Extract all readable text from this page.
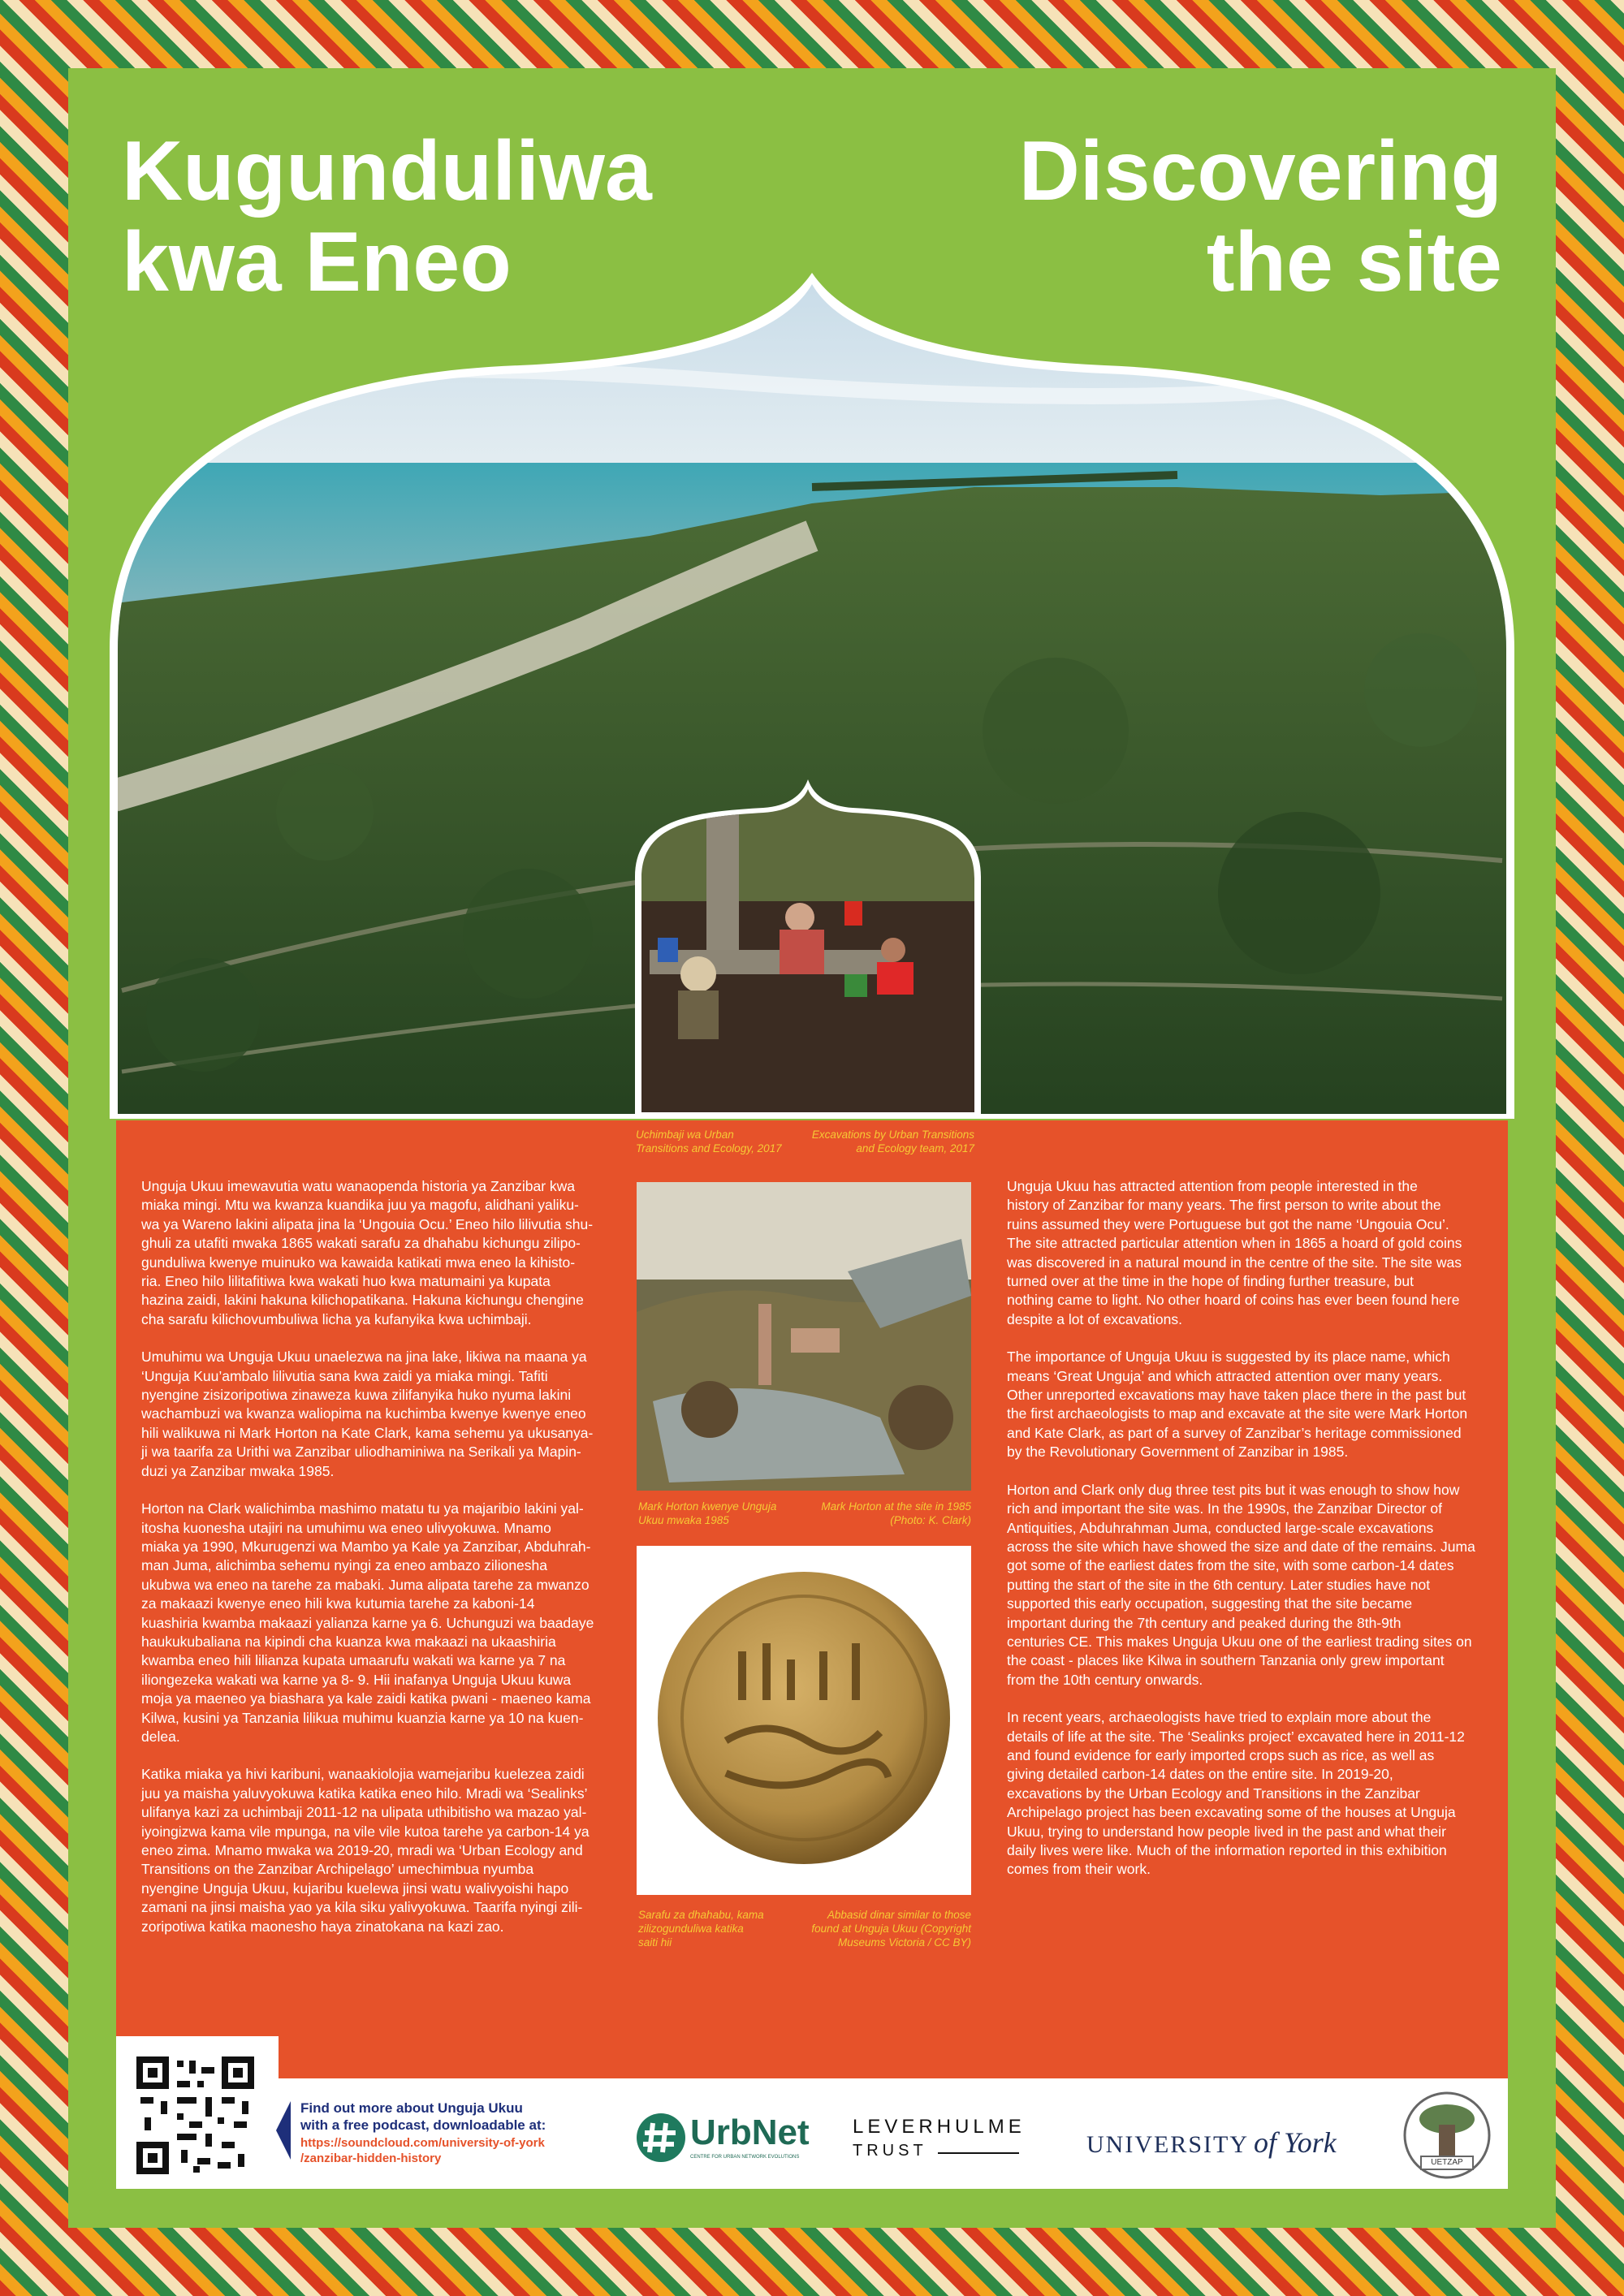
Kugunduliwa
kwa Eneo
Discovering
the site
Uchimbaji wa Urban
Transitions and Ecology, 2017
Excavations by Urban Transitions
and Ecology team, 2017

Unguja Ukuu imewavutia watu wanaopenda historia ya Zanzibar kwa
miaka mingi. Mtu wa kwanza kuandika juu ya magofu, alidhani yaliku-
wa ya Wareno lakini alipata jina la ‘Ungouia Ocu.’ Eneo hilo lilivutia shu-
ghuli za utafiti mwaka 1865 wakati sarafu za dhahabu kichungu zilipo-
gunduliwa kwenye muinuko wa kawaida katikati mwa eneo la kihisto-
ria. Eneo hilo lilitafitiwa kwa wakati huo kwa matumaini ya kupata
hazina zaidi, lakini hakuna kilichopatikana. Hakuna kichungu chengine
cha sarafu kilichovumbuliwa licha ya kufanyika kwa uchimbaji.

Umuhimu wa Unguja Ukuu unaelezwa na jina lake, likiwa na maana ya
‘Unguja Kuu’ambalo lilivutia sana kwa zaidi ya miaka mingi. Tafiti
nyengine zisizoripotiwa zinaweza kuwa zilifanyika huko nyuma lakini
wachambuzi wa kwanza waliopima na kuchimba kwenye kwenye eneo
hili walikuwa ni Mark Horton na Kate Clark, kama sehemu ya ukusanya-
ji wa taarifa za Urithi wa Zanzibar uliodhaminiwa na Serikali ya Mapin-
duzi ya Zanzibar mwaka 1985.

Horton na Clark walichimba mashimo matatu tu ya majaribio lakini yal-
itosha kuonesha utajiri na umuhimu wa eneo ulivyokuwa. Mnamo
miaka ya 1990, Mkurugenzi wa Mambo ya Kale ya Zanzibar, Abduhrah-
man Juma, alichimba sehemu nyingi za eneo ambazo zilionesha
ukubwa wa eneo na tarehe za mabaki. Juma alipata tarehe za mwanzo
za makaazi kwenye eneo hili kwa kutumia tarehe za kaboni-14
kuashiria kwamba makaazi yalianza karne ya 6. Uchunguzi wa baadaye
haukukubaliana na kipindi cha kuanza kwa makaazi na ukaashiria
kwamba eneo hili lilianza kupata umaarufu wakati wa karne ya 7 na
iliongezeka wakati wa karne ya 8- 9. Hii inafanya Unguja Ukuu kuwa
moja ya maeneo ya biashara ya kale zaidi katika pwani - maeneo kama
Kilwa, kusini ya Tanzania lilikua muhimu kuanzia karne ya 10 na kuen-
delea.

Katika miaka ya hivi karibuni, wanaakiolojia wamejaribu kuelezea zaidi
juu ya maisha yaluvyokuwa katika katika eneo hilo. Mradi wa ‘Sealinks’
ulifanya kazi za uchimbaji 2011-12 na ulipata uthibitisho wa mazao yal-
iyoingizwa kama vile mpunga, na vile vile kutoa tarehe ya carbon-14 ya
eneo zima. Mnamo mwaka wa 2019-20, mradi wa ‘Urban Ecology and
Transitions on the Zanzibar Archipelago’ umechimbua nyumba
nyengine Unguja Ukuu, kujaribu kuelewa jinsi watu walivyoishi hapo
zamani na jinsi maisha yao ya kila siku yalivyokuwa. Taarifa nyingi zili-
zoripotiwa katika maonesho haya zinatokana na kazi zao.

Unguja Ukuu has attracted attention from people interested in the
history of Zanzibar for many years. The first person to write about the
ruins assumed they were Portuguese but got the name ‘Ungouia Ocu’.
The site attracted particular attention when in 1865 a hoard of gold coins
was discovered in a natural mound in the centre of the site. The site was
turned over at the time in the hope of finding further treasure, but
nothing came to light. No other hoard of coins has ever been found here
despite a lot of excavations.

The importance of Unguja Ukuu is suggested by its place name, which
means ‘Great Unguja’ and which attracted attention over many years.
Other unreported excavations may have taken place there in the past but
the first archaeologists to map and excavate at the site were Mark Horton
and Kate Clark, as part of a survey of Zanzibar’s heritage commissioned
by the Revolutionary Government of Zanzibar in 1985.

Horton and Clark only dug three test pits but it was enough to show how
rich and important the site was. In the 1990s, the Zanzibar Director of
Antiquities, Abduhrahman Juma, conducted large-scale excavations
across the site which have showed the size and date of the remains. Juma
got some of the earliest dates from the site, with some carbon-14 dates
putting the start of the site in the 6th century. Later studies have not
supported this early occupation, suggesting that the site became
important during the 7th century and peaked during the 8th-9th
centuries CE. This makes Unguja Ukuu one of the earliest trading sites on
the coast - places like Kilwa in southern Tanzania only grew important
from the 10th century onwards.

In recent years, archaeologists have tried to explain more about the
details of life at the site. The ‘Sealinks project’ excavated here in 2011-12
and found evidence for early imported crops such as rice, as well as
giving detailed carbon-14 dates on the entire site. In 2019-20,
excavations by the Urban Ecology and Transitions in the Zanzibar
Archipelago project has been excavating some of the houses at Unguja
Ukuu, trying to understand how people lived in the past and what their
daily lives were like. Much of the information reported in this exhibition
comes from their work.

Mark Horton kwenye Unguja
Ukuu mwaka 1985
Mark Horton at the site in 1985
(Photo: K. Clark)
Sarafu za dhahabu, kama
zilizogunduliwa katika
saiti hii
Abbasid dinar similar to those
found at Unguja Ukuu (Copyright
Museums Victoria / CC BY)
Find out more about Unguja Ukuu
with a free podcast, downloadable at:
https://soundcloud.com/university-of-york
/zanzibar-hidden-history
UrbNet
CENTRE FOR URBAN NETWORK EVOLUTIONS
LEVERHULME
TRUST	UNIVERSITY of York
UETZAP
